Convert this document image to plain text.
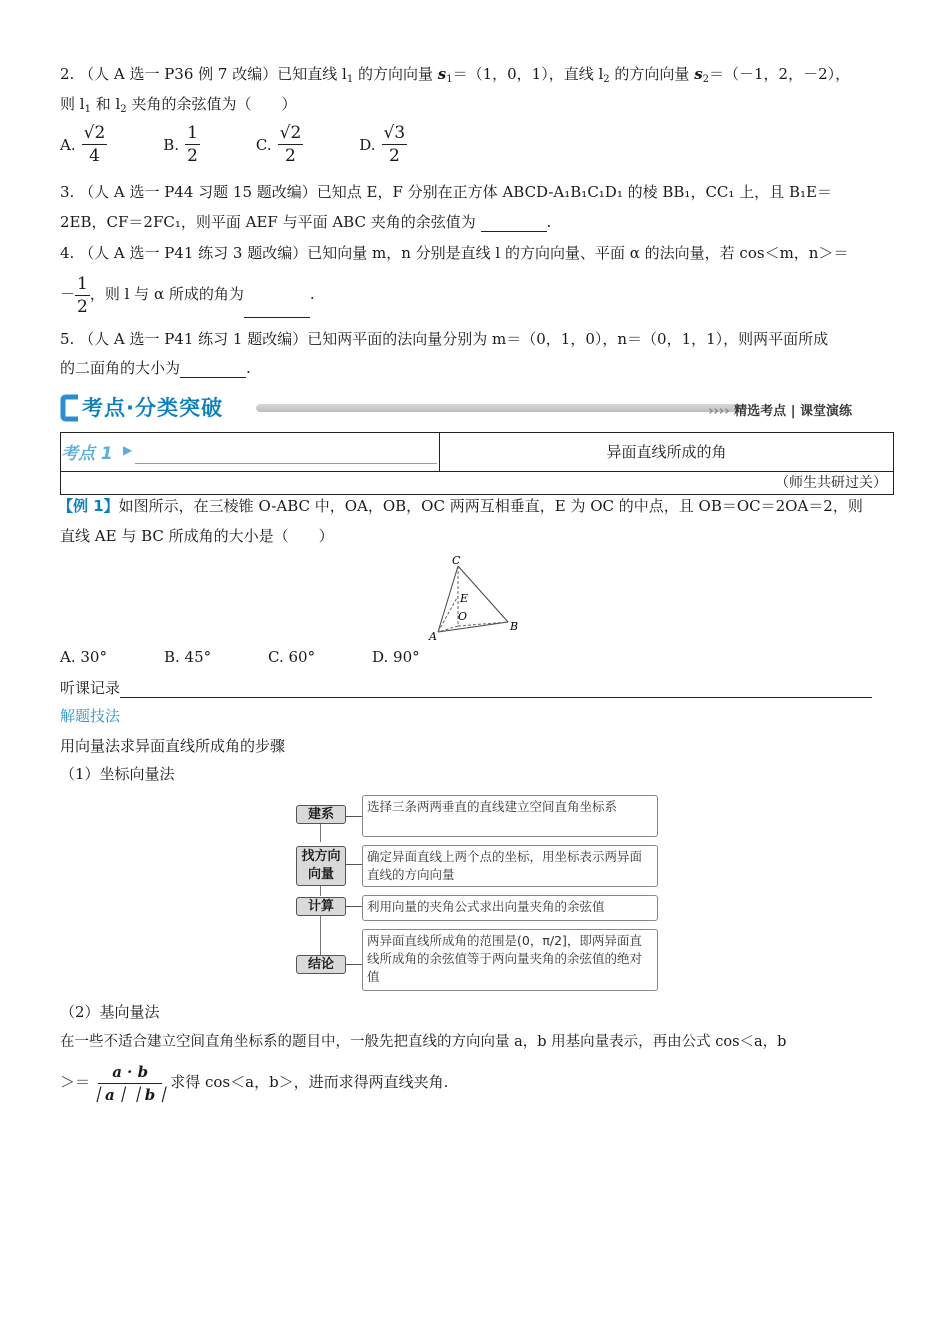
2. （人 A 选一 P36 例 7 改编）已知直线 $l_1$ 的方向向量 $s_1=(1$，0，1），直线 $l_2$ 的方向向量 $s_2=(-1$，2，－2），
则 $l_1$ 和 $l_2$ 夹角的余弦值为（　　）
A. $\frac{√2}{4}$	B. $\frac{1}{2}$	C. $\frac{√2}{2}$	D. $\frac{√3}{2}$
3. （人 A 选一 P44 习题 15 题改编）已知点 E，F 分别在正方体 ABCD-A₁B₁C₁D₁ 的棱 BB₁，CC₁ 上，且 B₁E＝
2EB，CF＝2FC₁，则平面 AEF 与平面 ABC 夹角的余弦值为	.
4. （人 A 选一 P41 练习 3 题改编）已知向量 m，n 分别是直线 l 的方向向量、平面 α 的法向量，若 cos＜m，n＞＝
－ $\frac{1}{2}$ ，则 l 与 α 所成的角为	.
5. （人 A 选一 P41 练习 1 题改编）已知两平面的法向量分别为 m＝（0，1，0），n＝（0，1，1），则两平面所成
的二面角的大小为	.
考点·分类突破	›››› 精选考点 | 课堂演练
考点 1 ▶	异面直线所成的角
（师生共研过关）
【例 1】如图所示，在三棱锥 O-ABC 中，OA，OB，OC 两两互相垂直，E 为 OC 的中点，且 OB＝OC＝2OA＝2，则
直线 AE 与 BC 所成角的大小是（　　）
C
E
O
A
B
A. 30°	B. 45°	C. 60°	D. 90°
听课记录
解题技法
用向量法求异面直线所成角的步骤
（1）坐标向量法
建系
选择三条两两垂直的直线建立空间直角坐标系
找方向向量
确定异面直线上两个点的坐标，用坐标表示两异面直线的方向向量
计算	利用向量的夹角公式求出向量夹角的余弦值
结论
两异面直线所成角的范围是(0，π/2]，即两异面直线所成角的余弦值等于两向量夹角的余弦值的绝对值
（2）基向量法
在一些不适合建立空间直角坐标系的题目中，一般先把直线的方向向量 a，b 用基向量表示，再由公式 cos＜a，b
＞＝ $\frac{a \cdot b}{|a||b|}$ 求得 cos＜a，b＞，进而求得两直线夹角.
